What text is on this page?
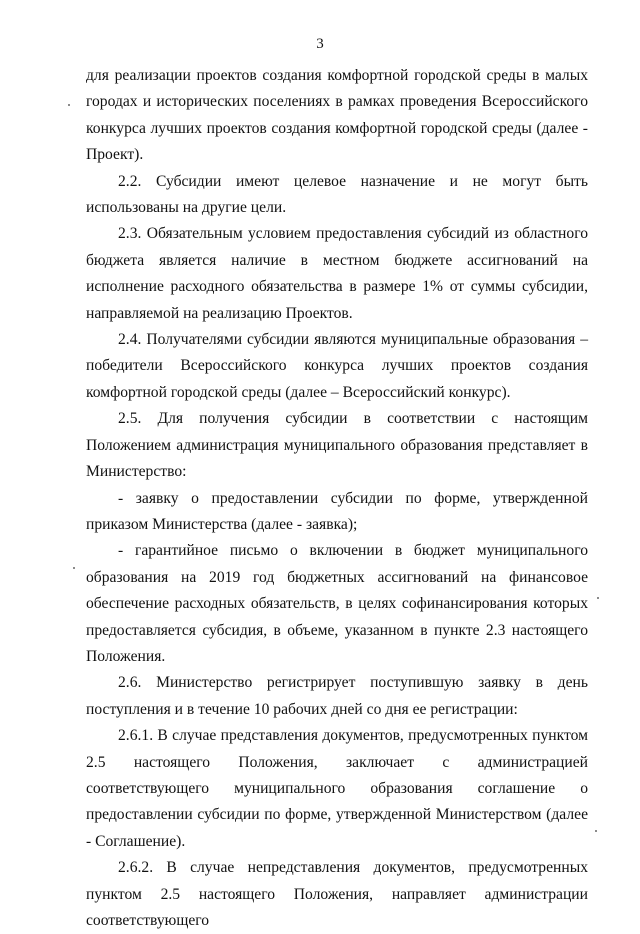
3

для реализации проектов создания комфортной городской среды в малых городах и исторических поселениях в рамках проведения Всероссийского конкурса лучших проектов создания комфортной городской среды (далее - Проект).

2.2. Субсидии имеют целевое назначение и не могут быть использованы на другие цели.

2.3. Обязательным условием предоставления субсидий из областного бюджета является наличие в местном бюджете ассигнований на исполнение расходного обязательства в размере 1% от суммы субсидии, направляемой на реализацию Проектов.

2.4. Получателями субсидии являются муниципальные образования – победители Всероссийского конкурса лучших проектов создания комфортной городской среды (далее – Всероссийский конкурс).

2.5. Для получения субсидии в соответствии с настоящим Положением администрация муниципального образования представляет в Министерство:

- заявку о предоставлении субсидии по форме, утвержденной приказом Министерства (далее - заявка);

- гарантийное письмо о включении в бюджет муниципального образования на 2019 год бюджетных ассигнований на финансовое обеспечение расходных обязательств, в целях софинансирования которых предоставляется субсидия, в объеме, указанном в пункте 2.3 настоящего Положения.

2.6. Министерство регистрирует поступившую заявку в день поступления и в течение 10 рабочих дней со дня ее регистрации:

2.6.1. В случае представления документов, предусмотренных пунктом 2.5 настоящего Положения, заключает с администрацией соответствующего муниципального образования соглашение о предоставлении субсидии по форме, утвержденной Министерством (далее - Соглашение).

2.6.2. В случае непредставления документов, предусмотренных пунктом 2.5 настоящего Положения, направляет администрации соответствующего
